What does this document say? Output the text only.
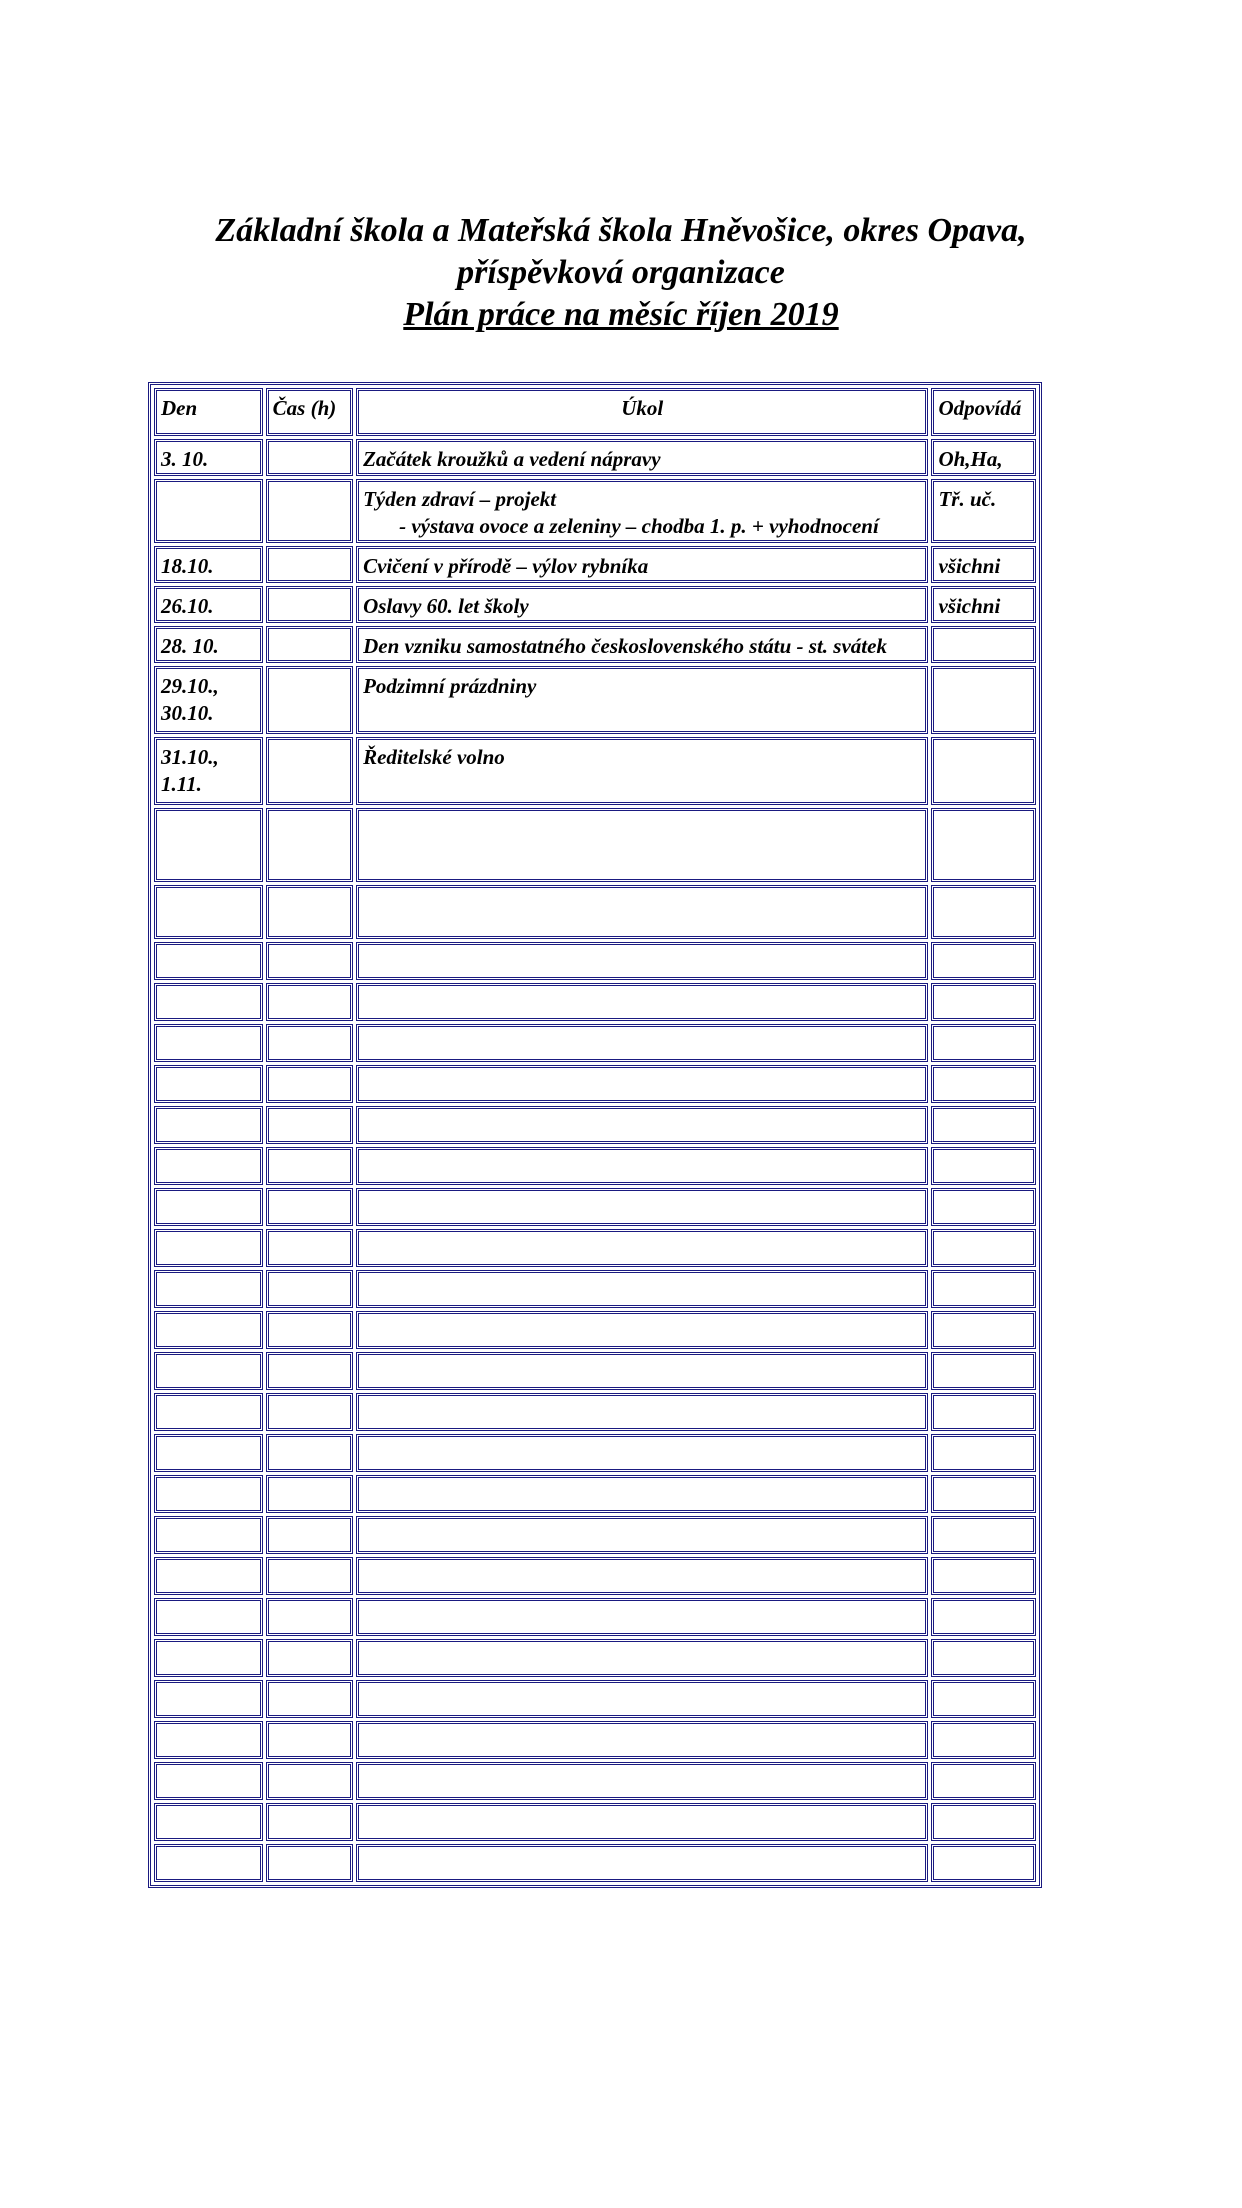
Základní škola a Mateřská škola Hněvošice, okres Opava,
příspěvková organizace
Plán práce na měsíc říjen 2019
Den	Čas (h)	Úkol	Odpovídá
3. 10.		Začátek kroužků a vedení nápravy	Oh,Ha,

		Týden zdraví – projekt
- výstava ovoce a zeleniny – chodba 1. p. + vyhodnocení	Tř. uč.
18.10.		Cvičení v přírodě – výlov rybníka	všichni
26.10.		Oslavy 60. let školy	všichni
28. 10.		Den vzniku samostatného československého státu - st. svátek	
29.10., 30.10.		Podzimní prázdniny	
31.10., 1.11.		Ředitelské volno	
